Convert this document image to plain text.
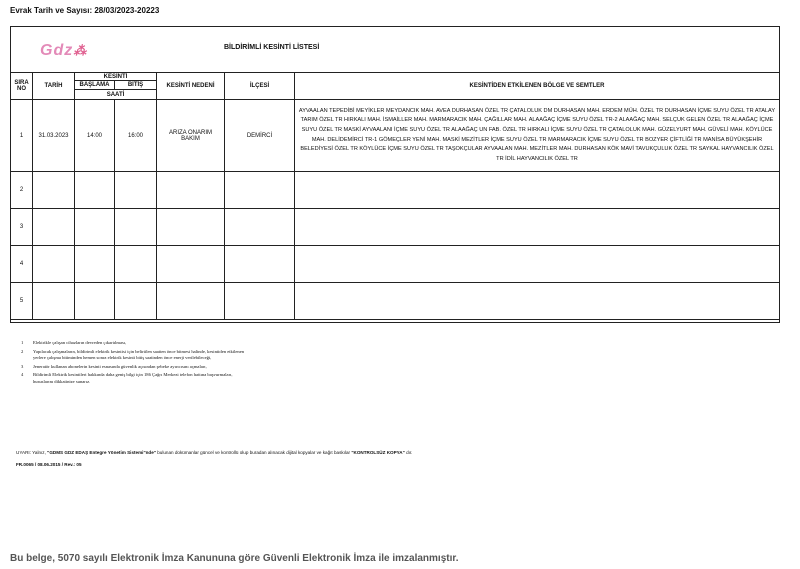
Evrak Tarih ve Sayısı: 28/03/2023-20223
Gdz⁂	BİLDİRİMLİ KESİNTİ LİSTESİ
SIRA NO	TARİH	KESİNTİ		KESİNTİ NEDENİ	İLÇESİ	KESİNTİDEN ETKİLENEN BÖLGE VE SEMTLER
		BAŞLAMA	BİTİŞ			
		SAATİ				
1	31.03.2023	14:00	16:00	ARIZA ONARIM BAKIM	DEMİRCİ	AYVAALAN TEPEDİBİ MEYİKLER MEYDANCIK MAH. AVEA DURHASAN ÖZEL TR ÇATALOLUK DM DURHASAN MAH. ERDEM MÜH. ÖZEL TR DURHASAN İÇME SUYU ÖZEL TR ATALAY TARIM ÖZEL TR HIRKALI MAH. İSMAİLLER MAH. MARMARACIK MAH. ÇAĞILLAR MAH. ALAAĞAÇ İÇME SUYU ÖZEL TR-2 ALAAĞAÇ MAH. SELÇUK GELEN ÖZEL TR ALAAĞAÇ İÇME SUYU ÖZEL TR MASKİ AYVAALANI İÇME SUYU ÖZEL TR ALAAĞAÇ UN FAB. ÖZEL TR HIRKALI İÇME SUYU ÖZEL TR ÇATALOLUK MAH. GÜZELYURT MAH. GÜVELİ MAH. KÖYLÜCE MAH. DELİDEMİRCİ TR-1 GÖMEÇLER YENİ MAH. MASKİ MEZİTLER İÇME SUYU ÖZEL TR MARMARACIK İÇME SUYU ÖZEL TR BOZYER ÇİFTLİĞİ TR MANİSA BÜYÜKŞEHİR BELEDİYESİ ÖZEL TR KÖYLÜCE İÇME SUYU ÖZEL TR TAŞOKÇULAR AYVAALAN MAH. MEZİTLER MAH. DURHASAN KÖK MAVİ TAVUKÇULUK ÖZEL TR SAYKAL HAYVANCILIK ÖZEL TR İDİL HAYVANCILIK ÖZEL TR
2						
3						
4						
5						
1	Elektrikle çalışan cihazların devreden çıkartılması,
2	Yapılacak çalışmaların, bildirimli elektrik kesintisi için belirtilen saatten önce bitmesi halinde, kesintiden etkilenen yerlere çalışma bitiminden hemen sonra elektrik kesinti bitiş saatinden önce enerji verilebileceği,
3	Jeneratör kullanan abonelerin kesinti esnasında güvenlik açısından şebeke ayırıcısını açmaları,
4	Bildirimli Elektrik kesintileri hakkında daha geniş bilgi için 186 Çağrı Merkezi telefon hattına başvurmaları, hususlarını dikkatinize sunarız.
UYARI: Yalnız, "GDMS GDZ EDAŞ Entegre Yönetim Sistemi"nde" bulunan dokümanlar güncel ve kontrollü olup buradan alınacak dijital kopyalar ve kağıt baskılar "KONTROLSÜZ KOPYA" dır.
FR.0065 / 08.06.2015 / Rev.: 05
Bu belge, 5070 sayılı Elektronik İmza Kanununa göre Güvenli Elektronik İmza ile imzalanmıştır.
